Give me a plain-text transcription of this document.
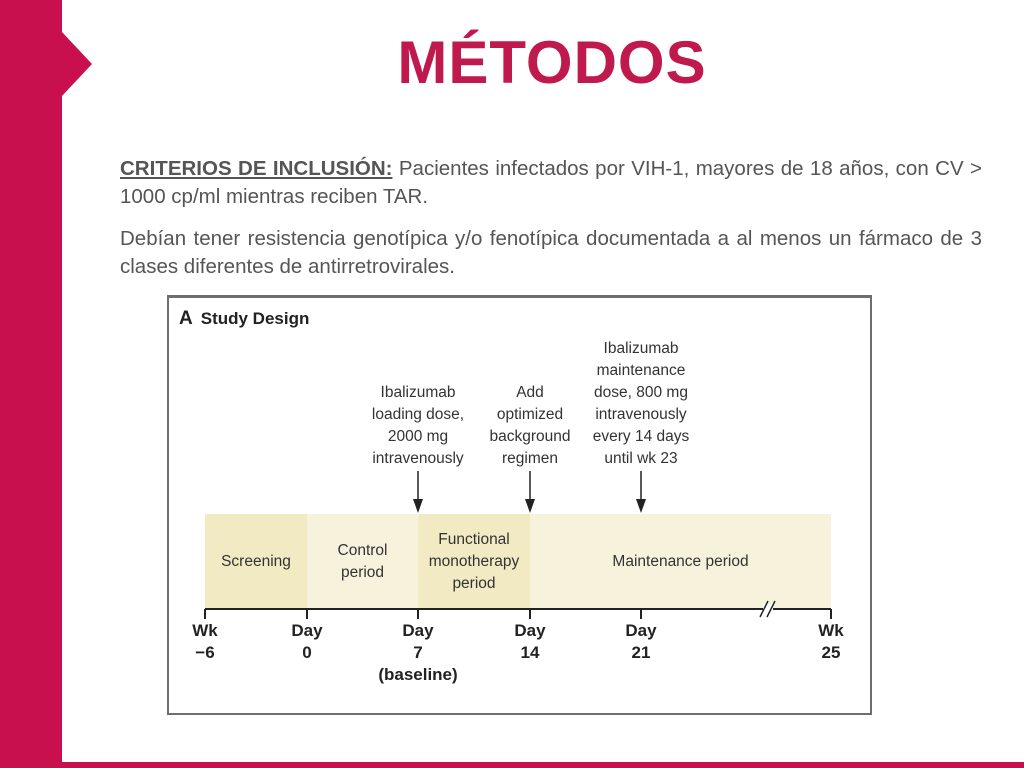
MÉTODOS
CRITERIOS DE INCLUSIÓN: Pacientes infectados por VIH-1, mayores de 18 años, con CV > 1000 cp/ml mientras reciben TAR.
Debían tener resistencia genotípica y/o fenotípica documentada a al menos un fármaco de 3 clases diferentes de antirretrovirales.
A Study Design
Ibalizumab
loading dose,
2000 mg
intravenously
Add
optimized
background
regimen
Ibalizumab
maintenance
dose, 800 mg
intravenously
every 14 days
until wk 23
Screening
Control
period
Functional
monotherapy
period
Maintenance period
Wk
−6
Day
0
Day
7
(baseline)
Day
14
Day
21
Wk
25
